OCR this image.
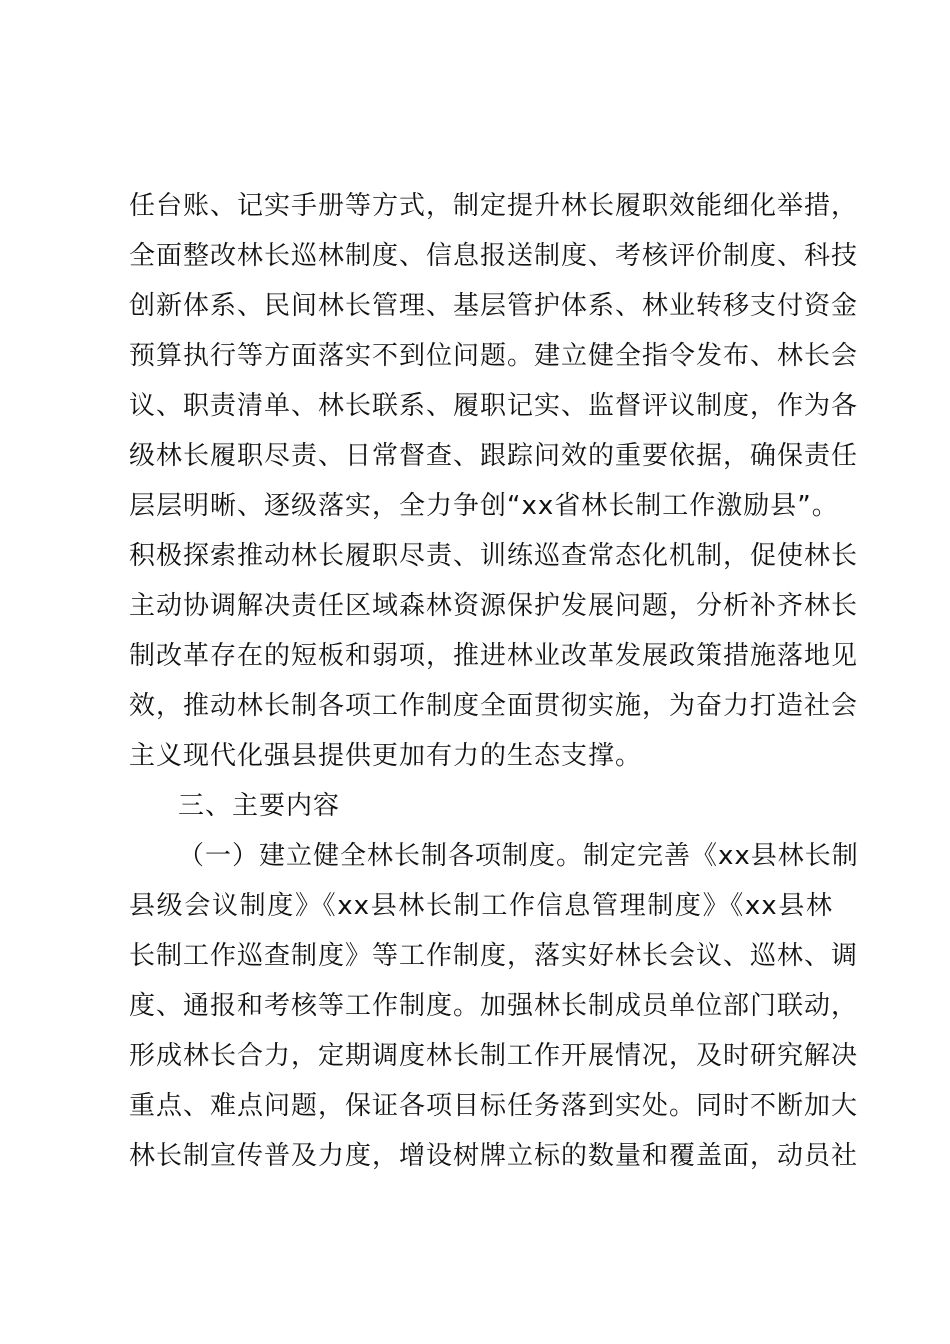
任台账、记实手册等方式，制定提升林长履职效能细化举措，
全面整改林长巡林制度、信息报送制度、考核评价制度、科技
创新体系、民间林长管理、基层管护体系、林业转移支付资金
预算执行等方面落实不到位问题。建立健全指令发布、林长会
议、职责清单、林长联系、履职记实、监督评议制度，作为各
级林长履职尽责、日常督查、跟踪问效的重要依据，确保责任
层层明晰、逐级落实，全力争创“xx省林长制工作激励县”。
积极探索推动林长履职尽责、训练巡查常态化机制，促使林长
主动协调解决责任区域森林资源保护发展问题，分析补齐林长
制改革存在的短板和弱项，推进林业改革发展政策措施落地见
效，推动林长制各项工作制度全面贯彻实施，为奋力打造社会
主义现代化强县提供更加有力的生态支撑。
三、主要内容
（一）建立健全林长制各项制度。制定完善《xx县林长制
县级会议制度》《xx县林长制工作信息管理制度》《xx县林
长制工作巡查制度》等工作制度，落实好林长会议、巡林、调
度、通报和考核等工作制度。加强林长制成员单位部门联动，
形成林长合力，定期调度林长制工作开展情况，及时研究解决
重点、难点问题，保证各项目标任务落到实处。同时不断加大
林长制宣传普及力度，增设树牌立标的数量和覆盖面，动员社
